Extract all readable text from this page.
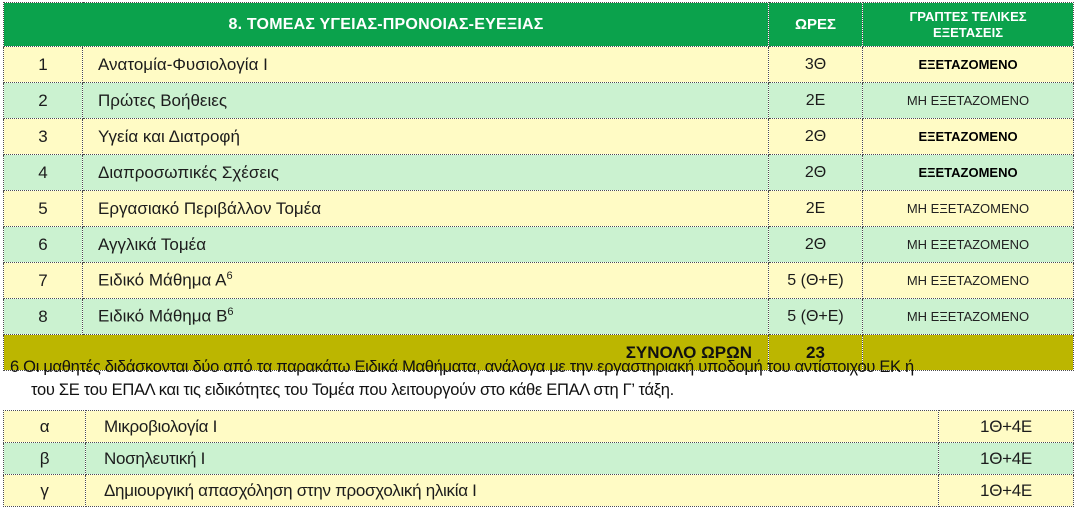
8. ΤΟΜΕΑΣ ΥΓΕΙΑΣ-ΠΡΟΝΟΙΑΣ-ΕΥΕΞΙΑΣ		ΩΡΕΣ	ΓΡΑΠΤΕΣ ΤΕΛΙΚΕΣ
ΕΞΕΤΑΣΕΙΣ
1	Ανατομία-Φυσιολογία Ι	3Θ	ΕΞΕΤΑΖΟΜΕΝΟ
2	Πρώτες Βοήθειες	2Ε	ΜΗ ΕΞΕΤΑΖΟΜΕΝΟ
3	Υγεία και Διατροφή	2Θ	ΕΞΕΤΑΖΟΜΕΝΟ
4	Διαπροσωπικές Σχέσεις	2Θ	ΕΞΕΤΑΖΟΜΕΝΟ
5	Εργασιακό Περιβάλλον Τομέα	2Ε	ΜΗ ΕΞΕΤΑΖΟΜΕΝΟ
6	Αγγλικά Τομέα	2Θ	ΜΗ ΕΞΕΤΑΖΟΜΕΝΟ
7	Ειδικό Μάθημα $A^6$	5 (Θ+Ε)	ΜΗ ΕΞΕΤΑΖΟΜΕΝΟ
8	Ειδικό Μάθημα $B^6$	5 (Θ+Ε)	ΜΗ ΕΞΕΤΑΖΟΜΕΝΟ
ΣΥΝΟΛΟ ΩΡΩΝ		23	
6 Οι μαθητές διδάσκονται δύο από τα παρακάτω Ειδικά Μαθήματα, ανάλογα με την εργαστηριακή υποδομή του αντίστοιχου ΕΚ ή
του ΣΕ του ΕΠΑΛ και τις ειδικότητες του Τομέα που λειτουργούν στο κάθε ΕΠΑΛ στη Γ’ τάξη.
α	Μικροβιολογία Ι	1Θ+4Ε
β	Νοσηλευτική Ι	1Θ+4Ε
γ	Δημιουργική απασχόληση στην προσχολική ηλικία Ι	1Θ+4Ε
